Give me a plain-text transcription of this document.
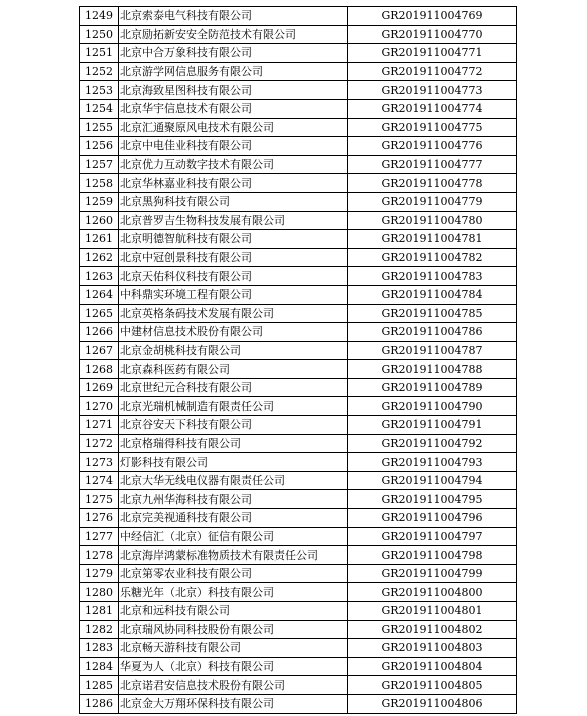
1249	北京索泰电气科技有限公司	GR201911004769
1250	北京励拓新安安全防范技术有限公司	GR201911004770
1251	北京中合万象科技有限公司	GR201911004771
1252	北京游学网信息服务有限公司	GR201911004772
1253	北京海致星图科技有限公司	GR201911004773
1254	北京华宇信息技术有限公司	GR201911004774
1255	北京汇通聚原风电技术有限公司	GR201911004775
1256	北京中电佳业科技有限公司	GR201911004776
1257	北京优力互动数字技术有限公司	GR201911004777
1258	北京华林嘉业科技有限公司	GR201911004778
1259	北京黑狗科技有限公司	GR201911004779
1260	北京普罗吉生物科技发展有限公司	GR201911004780
1261	北京明德智航科技有限公司	GR201911004781
1262	北京中冠创景科技有限公司	GR201911004782
1263	北京天佑科仪科技有限公司	GR201911004783
1264	中科鼎实环境工程有限公司	GR201911004784
1265	北京英格条码技术发展有限公司	GR201911004785
1266	中建材信息技术股份有限公司	GR201911004786
1267	北京金胡桃科技有限公司	GR201911004787
1268	北京森科医药有限公司	GR201911004788
1269	北京世纪元合科技有限公司	GR201911004789
1270	北京光瑞机械制造有限责任公司	GR201911004790
1271	北京谷安天下科技有限公司	GR201911004791
1272	北京格瑞得科技有限公司	GR201911004792
1273	灯影科技有限公司	GR201911004793
1274	北京大华无线电仪器有限责任公司	GR201911004794
1275	北京九州华海科技有限公司	GR201911004795
1276	北京完美视通科技有限公司	GR201911004796
1277	中经信汇（北京）征信有限公司	GR201911004797
1278	北京海岸鸿蒙标准物质技术有限责任公司	GR201911004798
1279	北京第零农业科技有限公司	GR201911004799
1280	乐糖光年（北京）科技有限公司	GR201911004800
1281	北京和远科技有限公司	GR201911004801
1282	北京瑞风协同科技股份有限公司	GR201911004802
1283	北京畅天游科技有限公司	GR201911004803
1284	华夏为人（北京）科技有限公司	GR201911004804
1285	北京诺君安信息技术股份有限公司	GR201911004805
1286	北京金大万翔环保科技有限公司	GR201911004806
